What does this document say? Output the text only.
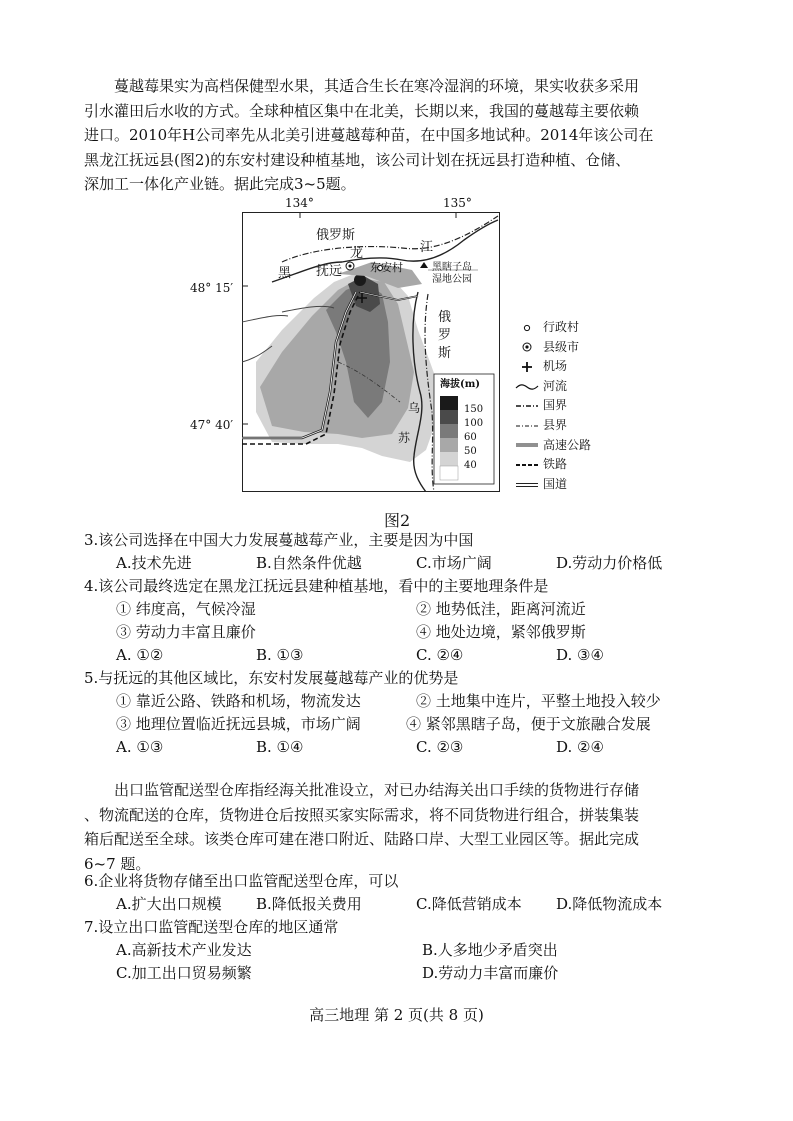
蔓越莓果实为高档保健型水果，其适合生长在寒冷湿润的环境，果实收获多采用

引水灌田后水收的方式。全球种植区集中在北美，长期以来，我国的蔓越莓主要依赖

进口。2010年H公司率先从北美引进蔓越莓种苗，在中国多地试种。2014年该公司在

黑龙江抚远县(图2)的东安村建设种植基地，该公司计划在抚远县打造种植、仓储、

深加工一体化产业链。据此完成3~5题。

134°	135°
48° 15′
47° 40′
海拔(m)
150
100
60
50
40
俄罗斯
龙	江
黑 抚远	东安村	黑瞎子岛
湿地公园
俄
罗
斯
乌
苏
行政村
县级市
机场
河流
国界
县界
高速公路
铁路
国道
图2
3.该公司选择在中国大力发展蔓越莓产业，主要是因为中国
A.技术先进	B.自然条件优越	C.市场广阔	D.劳动力价格低
4.该公司最终选定在黑龙江抚远县建种植基地，看中的主要地理条件是
① 纬度高，气候冷湿	② 地势低洼，距离河流近
③ 劳动力丰富且廉价	④ 地处边境，紧邻俄罗斯
A. ①②	B. ①③	C. ②④	D. ③④
5.与抚远的其他区域比，东安村发展蔓越莓产业的优势是
① 靠近公路、铁路和机场，物流发达	② 土地集中连片，平整土地投入较少
③ 地理位置临近抚远县城，市场广阔	④ 紧邻黑瞎子岛，便于文旅融合发展
A. ①③	B. ①④	C. ②③	D. ②④

出口监管配送型仓库指经海关批准设立，对已办结海关出口手续的货物进行存储

、物流配送的仓库，货物进仓后按照买家实际需求，将不同货物进行组合，拼装集装

箱后配送至全球。该类仓库可建在港口附近、陆路口岸、大型工业园区等。据此完成

6~7 题。

6.企业将货物存储至出口监管配送型仓库，可以
A.扩大出口规模 B.降低报关费用	C.降低营销成本 D.降低物流成本
7.设立出口监管配送型仓库的地区通常
A.高新技术产业发达	B.人多地少矛盾突出
C.加工出口贸易频繁	D.劳动力丰富而廉价
高三地理 第 2 页(共 8 页)
